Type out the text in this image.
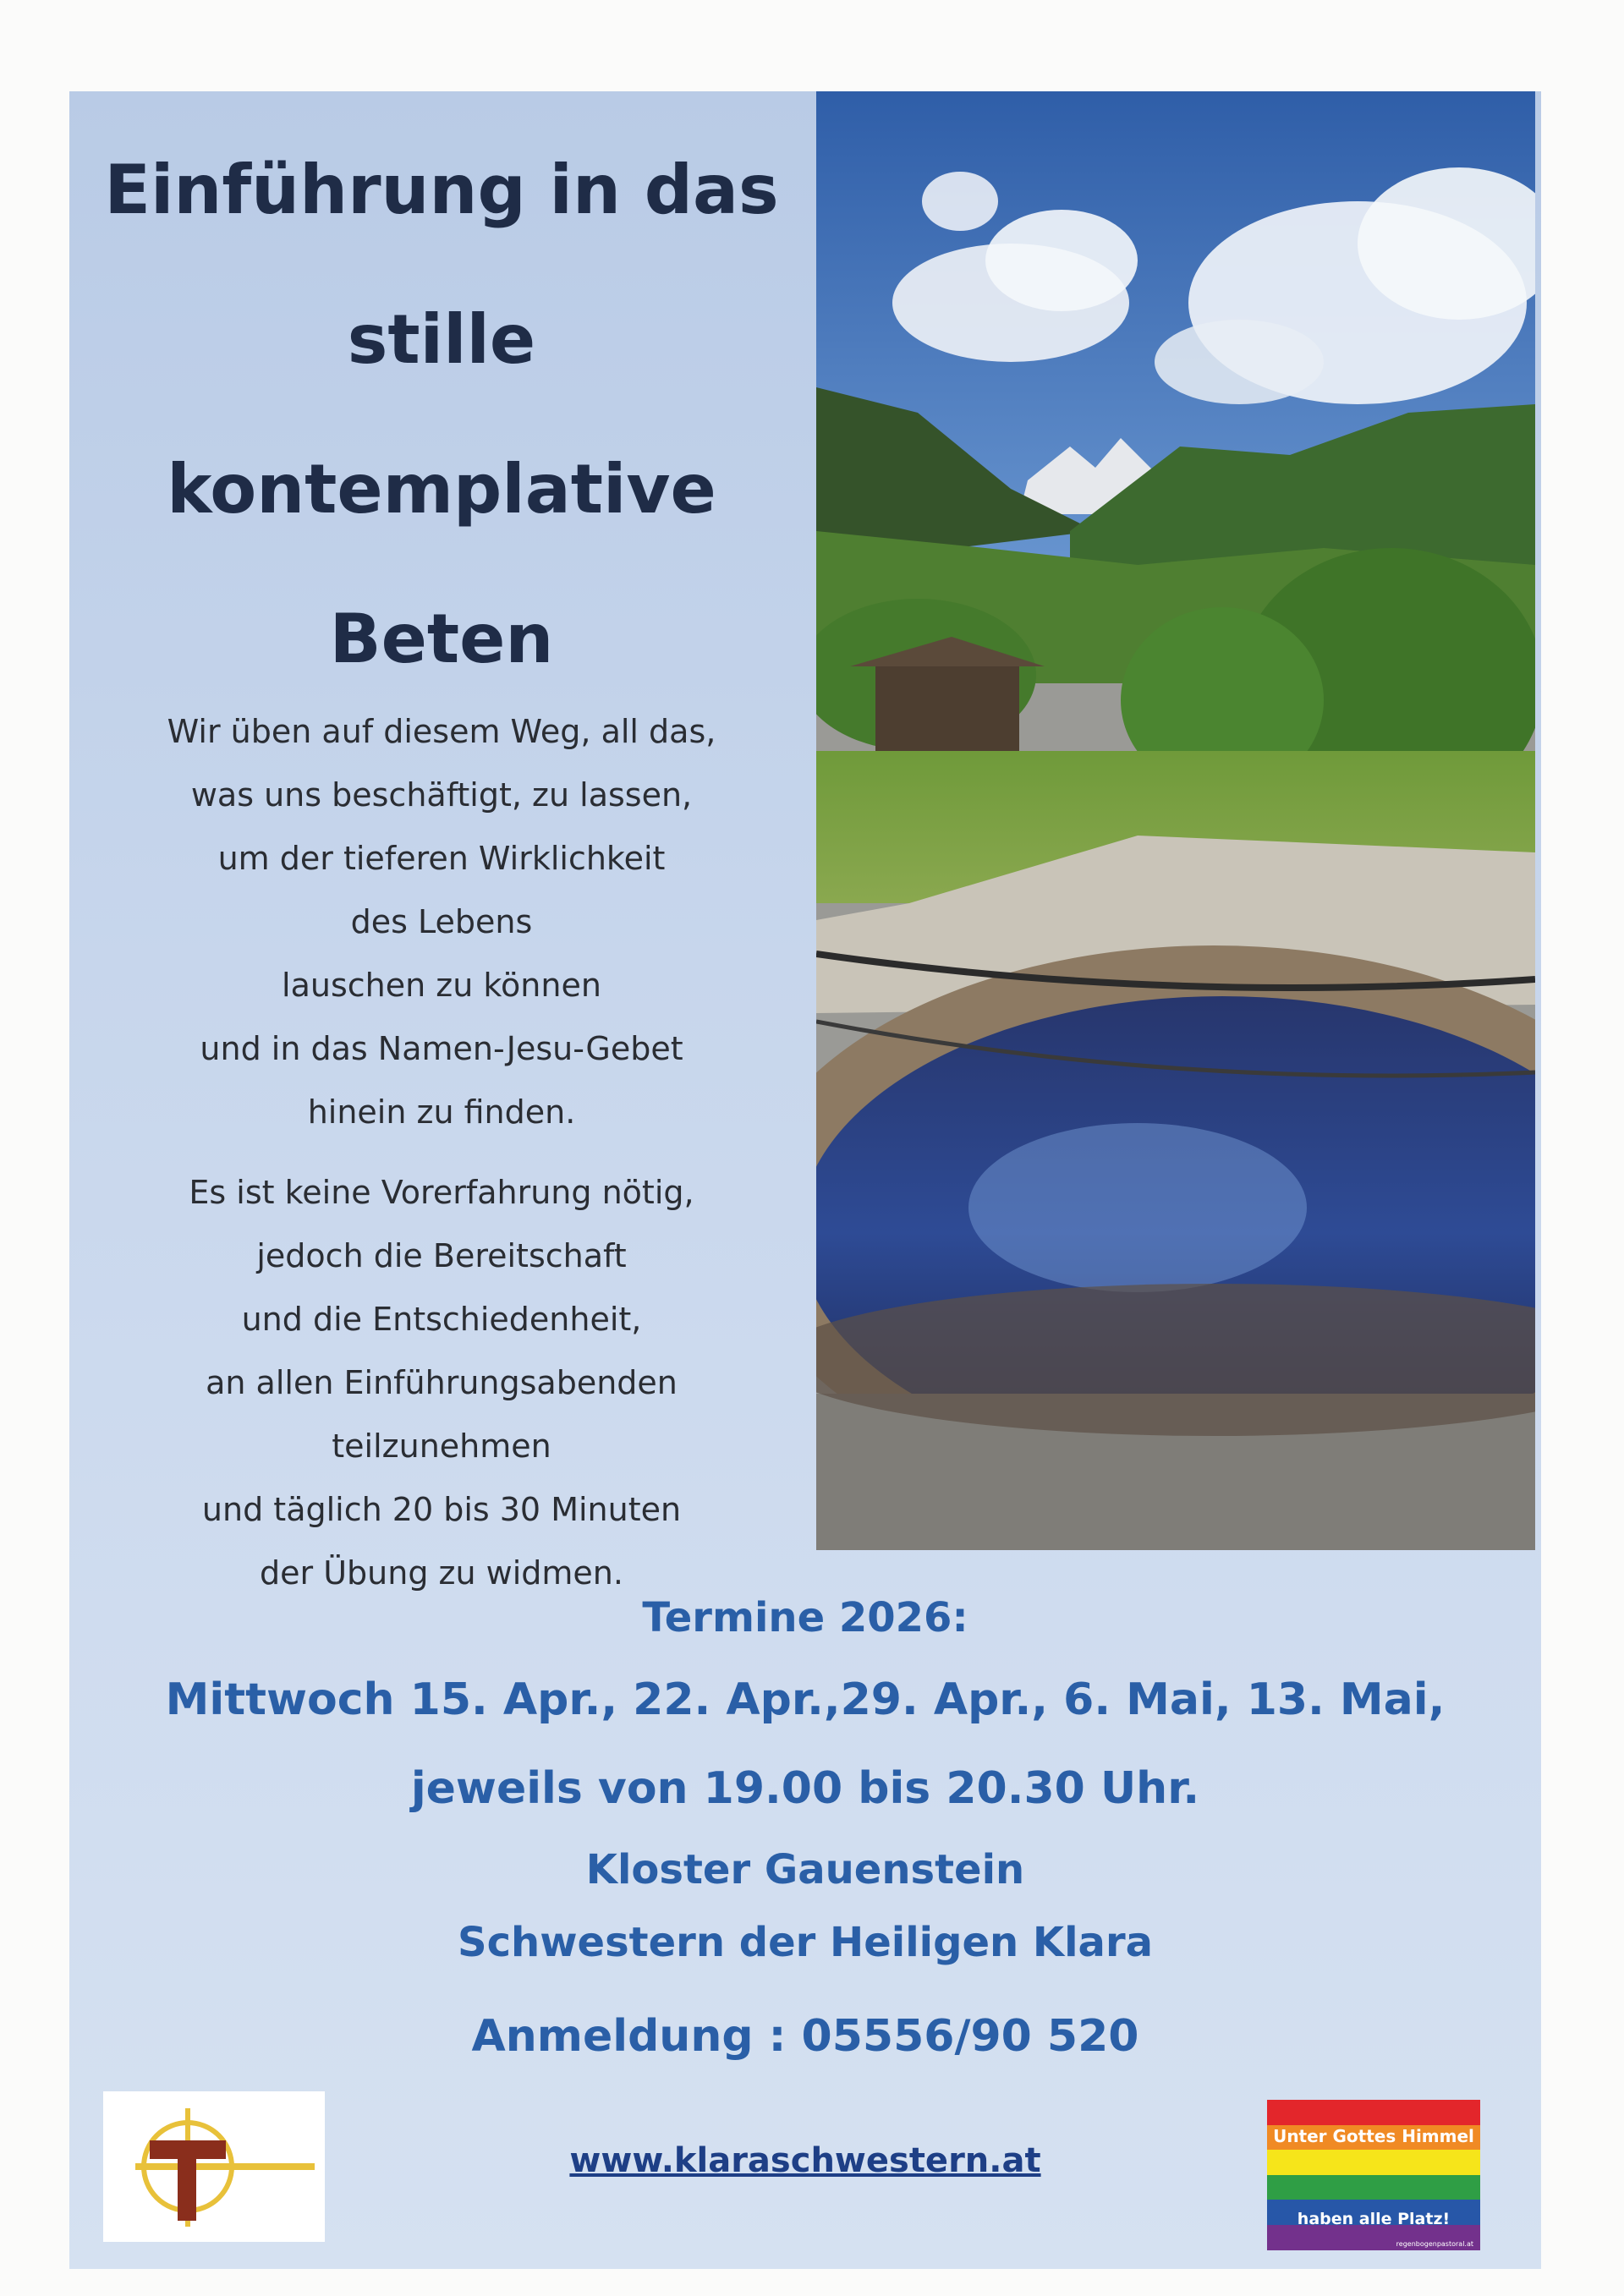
Einführung in das
stille
kontemplative
Beten
Wir üben auf diesem Weg, all das,
was uns beschäftigt, zu lassen,
um der tieferen Wirklichkeit
des Lebens
lauschen zu können
und in das Namen-Jesu-Gebet
hinein zu finden.
Es ist keine Vorerfahrung nötig,
jedoch die Bereitschaft
und die Entschiedenheit,
an allen Einführungsabenden
teilzunehmen
und täglich 20 bis 30 Minuten
der Übung zu widmen.
Termine 2026:
Mittwoch 15. Apr., 22. Apr.,29. Apr., 6. Mai, 13. Mai,
jeweils von 19.00 bis 20.30 Uhr.
Kloster Gauenstein
Schwestern der Heiligen Klara
Anmeldung : 05556/90 520
www.klaraschwestern.at
Unter Gottes Himmel
haben alle Platz!
regenbogenpastoral.at
